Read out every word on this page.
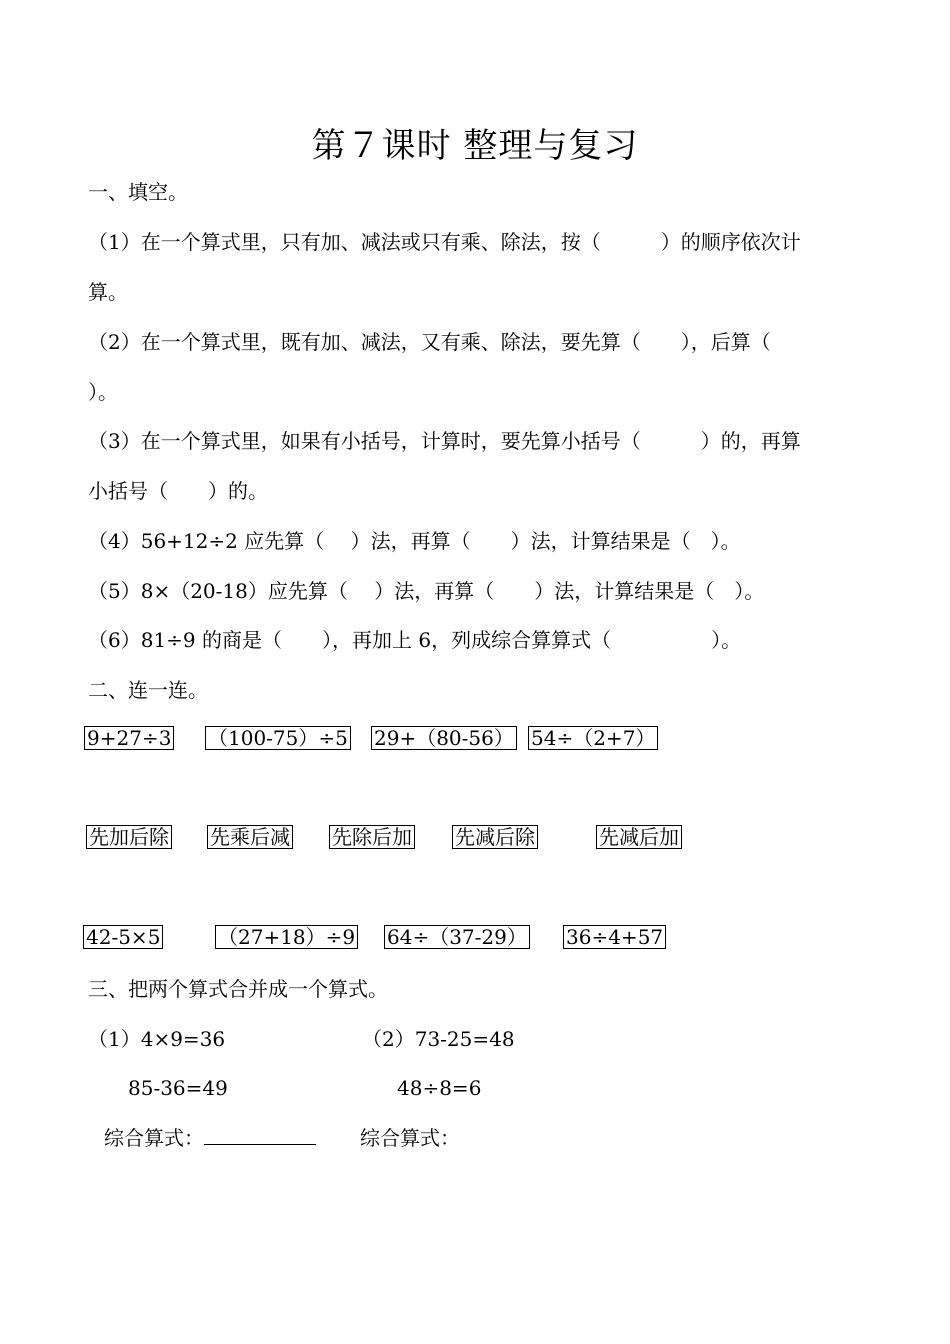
第７课时 整理与复习
一、填空。
（1）在一个算式里，只有加、减法或只有乘、除法，按（　　　）的顺序依次计
算。
（2）在一个算式里，既有加、减法，又有乘、除法，要先算（　　），后算（
）。
（3）在一个算式里，如果有小括号，计算时，要先算小括号（　　　）的，再算
小括号（　　）的。
（4）56+12÷2 应先算（　 ）法，再算（　　）法，计算结果是（　）。
（5）8×（20-18）应先算（　 ）法，再算（　　）法，计算结果是（　）。
（6）81÷9 的商是（　　），再加上 6，列成综合算算式（　　　　　）。
二、连一连。
9+27÷3 （100-75）÷5 29+（80-56） 54÷（2+7）
先加后除 先乘后减 先除后加 先减后除	先减后加
42-5×5	（27+18）÷9 64÷（37-29） 36÷4+57
三、把两个算式合并成一个算式。
（1）4×9=36	（2）73-25=48
85-36=49	48÷8=6
综合算式：	综合算式：
